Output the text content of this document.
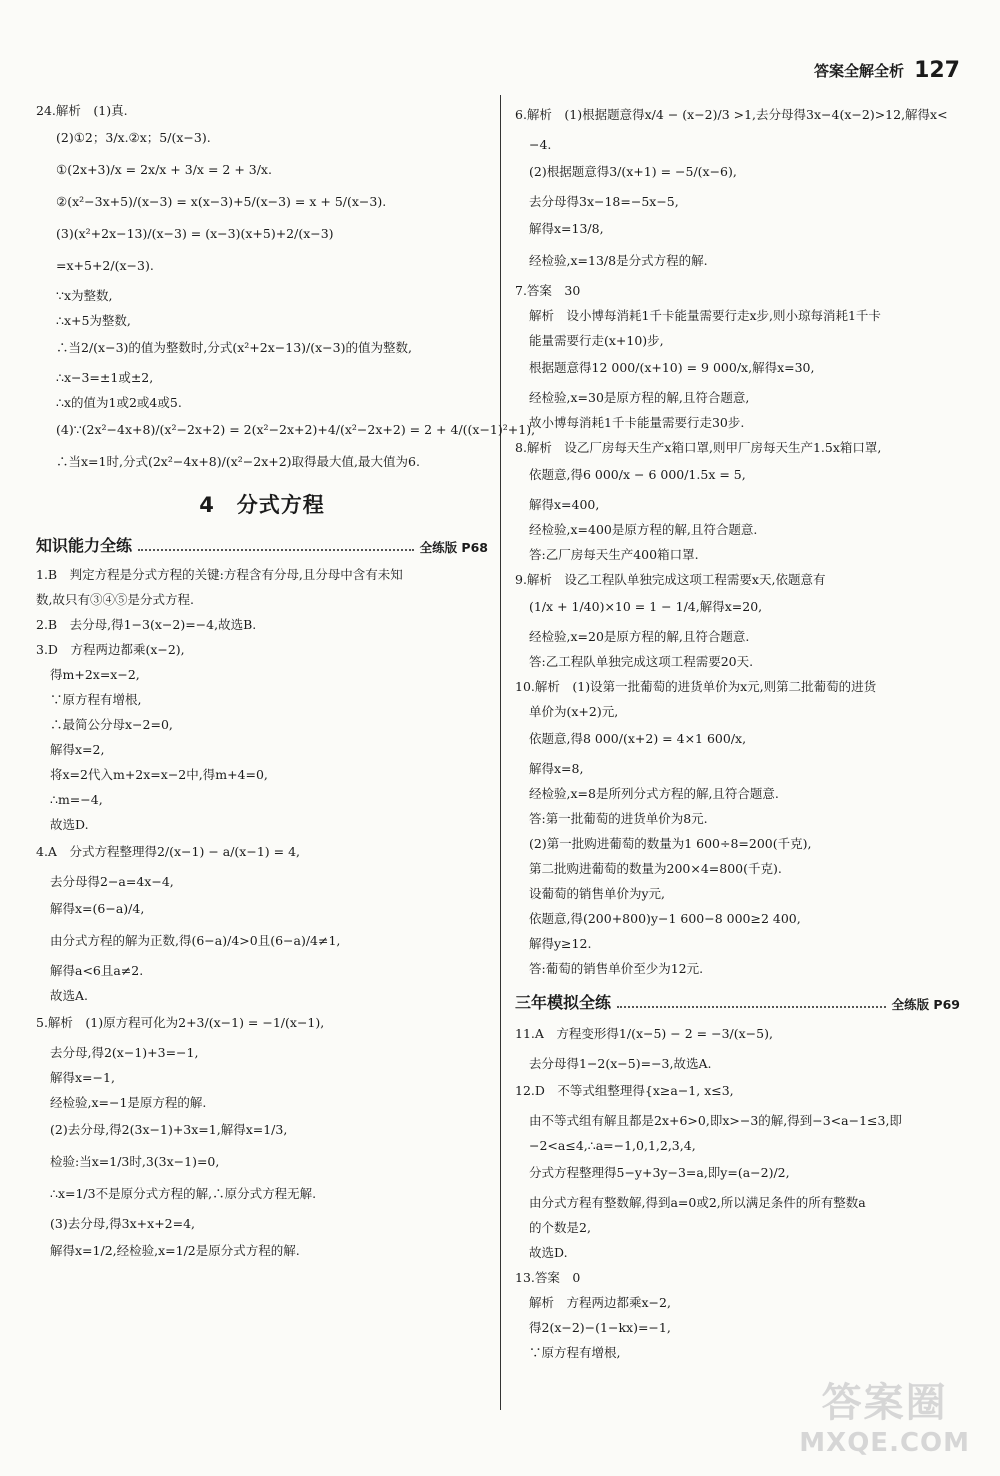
答案全解全析 127
24.解析　(1)真.
(2)①2；3/x.②x；5/(x−3).
①(2x+3)/x = 2x/x + 3/x = 2 + 3/x.
②(x²−3x+5)/(x−3) = x(x−3)+5/(x−3) = x + 5/(x−3).
(3)(x²+2x−13)/(x−3) = (x−3)(x+5)+2/(x−3)
=x+5+2/(x−3).
∵x为整数,
∴x+5为整数,
∴当2/(x−3)的值为整数时,分式(x²+2x−13)/(x−3)的值为整数,
∴x−3=±1或±2,
∴x的值为1或2或4或5.
(4)∵(2x²−4x+8)/(x²−2x+2) = 2(x²−2x+2)+4/(x²−2x+2) = 2 + 4/((x−1)²+1),
∴当x=1时,分式(2x²−4x+8)/(x²−2x+2)取得最大值,最大值为6.
4　分式方程
知识能力全练	全练版 P68
1.B　判定方程是分式方程的关键:方程含有分母,且分母中含有未知
数,故只有③④⑤是分式方程.
2.B　去分母,得1−3(x−2)=−4,故选B.
3.D　方程两边都乘(x−2),
得m+2x=x−2,
∵原方程有增根,
∴最简公分母x−2=0,
解得x=2,
将x=2代入m+2x=x−2中,得m+4=0,
∴m=−4,
故选D.
4.A　分式方程整理得2/(x−1) − a/(x−1) = 4,
去分母得2−a=4x−4,
解得x=(6−a)/4,
由分式方程的解为正数,得(6−a)/4>0且(6−a)/4≠1,
解得a<6且a≠2.
故选A.
5.解析　(1)原方程可化为2+3/(x−1) = −1/(x−1),
去分母,得2(x−1)+3=−1,
解得x=−1,
经检验,x=−1是原方程的解.
(2)去分母,得2(3x−1)+3x=1,解得x=1/3,
检验:当x=1/3时,3(3x−1)=0,
∴x=1/3不是原分式方程的解,∴原分式方程无解.
(3)去分母,得3x+x+2=4,
解得x=1/2,经检验,x=1/2是原分式方程的解.
6.解析　(1)根据题意得x/4 − (x−2)/3 >1,去分母得3x−4(x−2)>12,解得x<
−4.
(2)根据题意得3/(x+1) = −5/(x−6),
去分母得3x−18=−5x−5,
解得x=13/8,
经检验,x=13/8是分式方程的解.
7.答案　30
解析　设小博每消耗1千卡能量需要行走x步,则小琼每消耗1千卡
能量需要行走(x+10)步,
根据题意得12 000/(x+10) = 9 000/x,解得x=30,
经检验,x=30是原方程的解,且符合题意,
故小博每消耗1千卡能量需要行走30步.
8.解析　设乙厂房每天生产x箱口罩,则甲厂房每天生产1.5x箱口罩,
依题意,得6 000/x − 6 000/1.5x = 5,
解得x=400,
经检验,x=400是原方程的解,且符合题意.
答:乙厂房每天生产400箱口罩.
9.解析　设乙工程队单独完成这项工程需要x天,依题意有
(1/x + 1/40)×10 = 1 − 1/4,解得x=20,
经检验,x=20是原方程的解,且符合题意.
答:乙工程队单独完成这项工程需要20天.
10.解析　(1)设第一批葡萄的进货单价为x元,则第二批葡萄的进货
单价为(x+2)元,
依题意,得8 000/(x+2) = 4×1 600/x,
解得x=8,
经检验,x=8是所列分式方程的解,且符合题意.
答:第一批葡萄的进货单价为8元.
(2)第一批购进葡萄的数量为1 600÷8=200(千克),
第二批购进葡萄的数量为200×4=800(千克).
设葡萄的销售单价为y元,
依题意,得(200+800)y−1 600−8 000≥2 400,
解得y≥12.
答:葡萄的销售单价至少为12元.
三年模拟全练	全练版 P69
11.A　方程变形得1/(x−5) − 2 = −3/(x−5),
去分母得1−2(x−5)=−3,故选A.
12.D　不等式组整理得{x≥a−1, x≤3,
由不等式组有解且都是2x+6>0,即x>−3的解,得到−3<a−1≤3,即
−2<a≤4,∴a=−1,0,1,2,3,4,
分式方程整理得5−y+3y−3=a,即y=(a−2)/2,
由分式方程有整数解,得到a=0或2,所以满足条件的所有整数a
的个数是2,
故选D.
13.答案　0
解析　方程两边都乘x−2,
得2(x−2)−(1−kx)=−1,
∵原方程有增根,
答案圈
MXQE.COM
